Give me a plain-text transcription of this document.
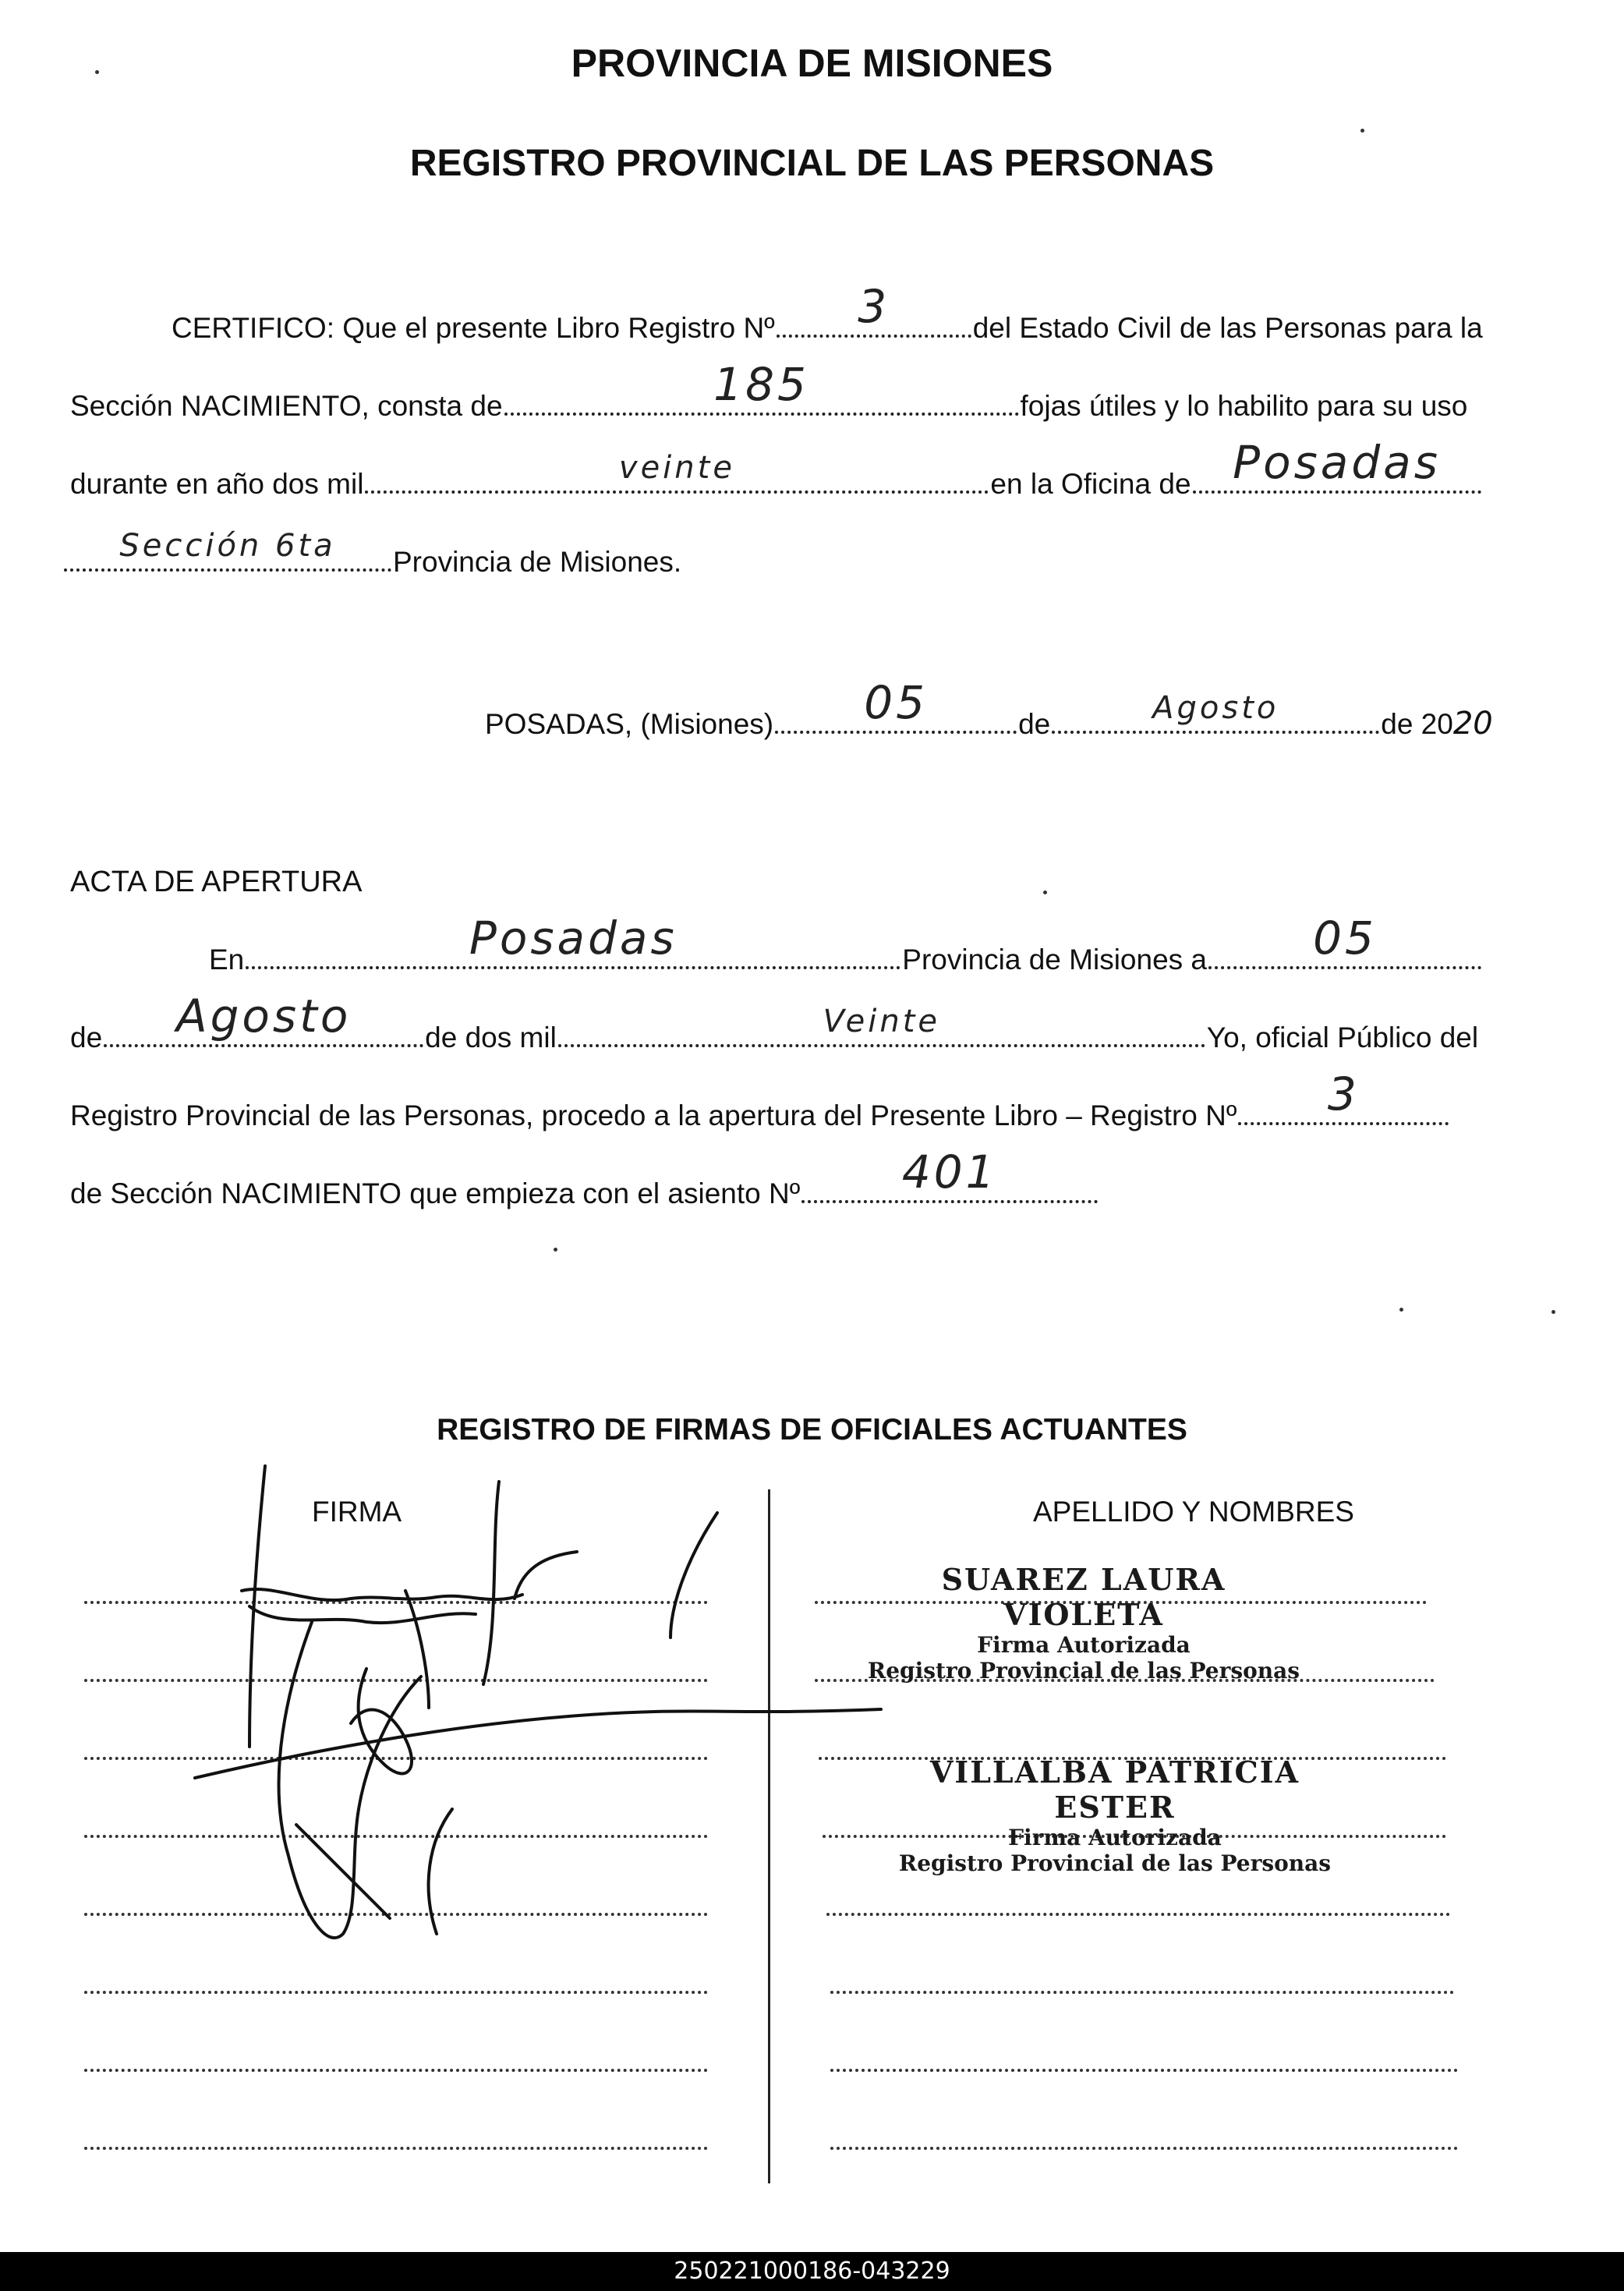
PROVINCIA DE MISIONES
REGISTRO PROVINCIAL DE LAS PERSONAS
CERTIFICO: Que el presente Libro Registro Nº	3	del Estado Civil de las Personas para la
Sección NACIMIENTO, consta de	185	fojas útiles y lo habilito para su uso
durante en año dos mil	veinte	en la Oficina de Posadas
Sección 6ta	Provincia de Misiones.
POSADAS, (Misiones)	05	de	Agosto	de 2020
ACTA DE APERTURA
En	Posadas	Provincia de Misiones a	05
de	Agosto	de dos mil	Veinte	Yo, oficial Público del
Registro Provincial de las Personas, procedo a la apertura del Presente Libro – Registro Nº	3
de Sección NACIMIENTO que empieza con el asiento Nº	401
REGISTRO DE FIRMAS DE OFICIALES ACTUANTES
FIRMA	APELLIDO Y NOMBRES
SUAREZ LAURA VIOLETA
Firma Autorizada
Registro Provincial de las Personas
VILLALBA PATRICIA ESTER
Firma Autorizada
Registro Provincial de las Personas
250221000186-043229
